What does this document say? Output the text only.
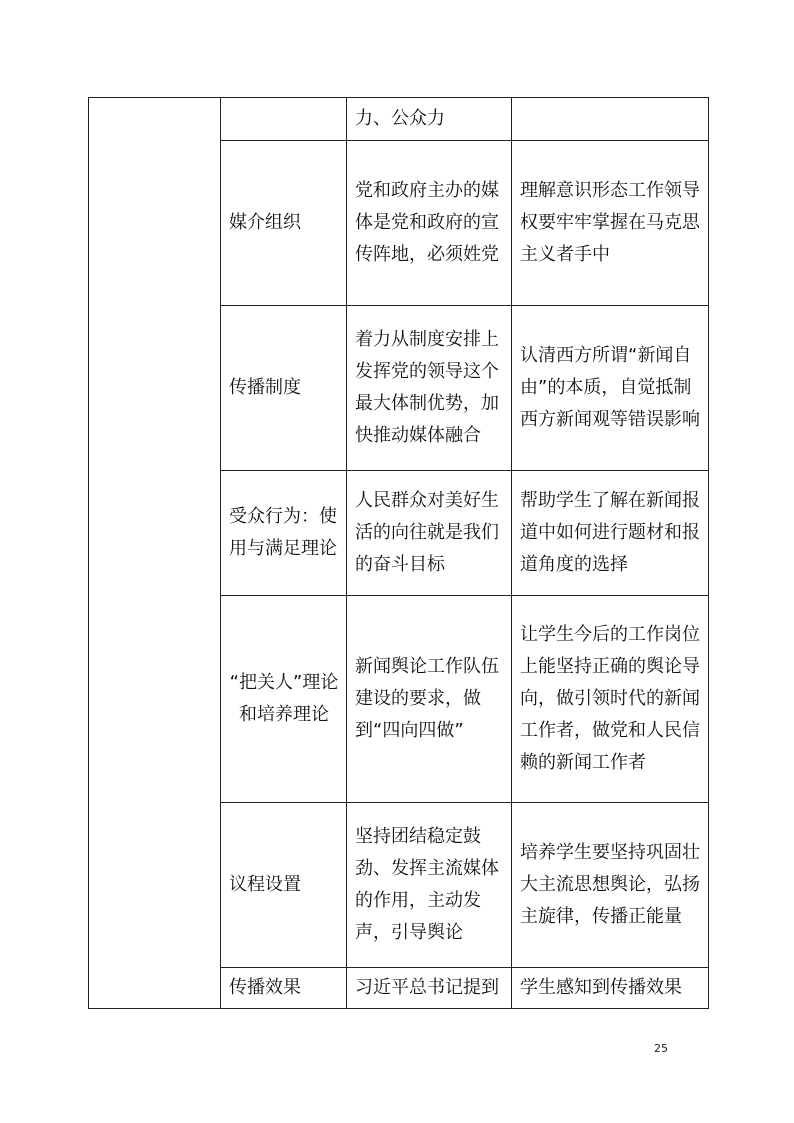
		力、公众力	

	媒介组织	党和政府主办的媒体是党和政府的宣传阵地，必须姓党	理解意识形态工作领导权要牢牢掌握在马克思主义者手中

	传播制度	着力从制度安排上发挥党的领导这个最大体制优势，加快推动媒体融合	认清西方所谓“新闻自由”的本质，自觉抵制西方新闻观等错误影响

	受众行为：使用与满足理论	人民群众对美好生活的向往就是我们的奋斗目标	帮助学生了解在新闻报道中如何进行题材和报道角度的选择

	“把关人”理论和培养理论	新闻舆论工作队伍建设的要求，做到“四向四做”	让学生今后的工作岗位上能坚持正确的舆论导向，做引领时代的新闻工作者，做党和人民信赖的新闻工作者

	议程设置	坚持团结稳定鼓劲、发挥主流媒体的作用，主动发声，引导舆论	培养学生要坚持巩固壮大主流思想舆论，弘扬主旋律，传播正能量

	传播效果	习近平总书记提到	学生感知到传播效果
25
